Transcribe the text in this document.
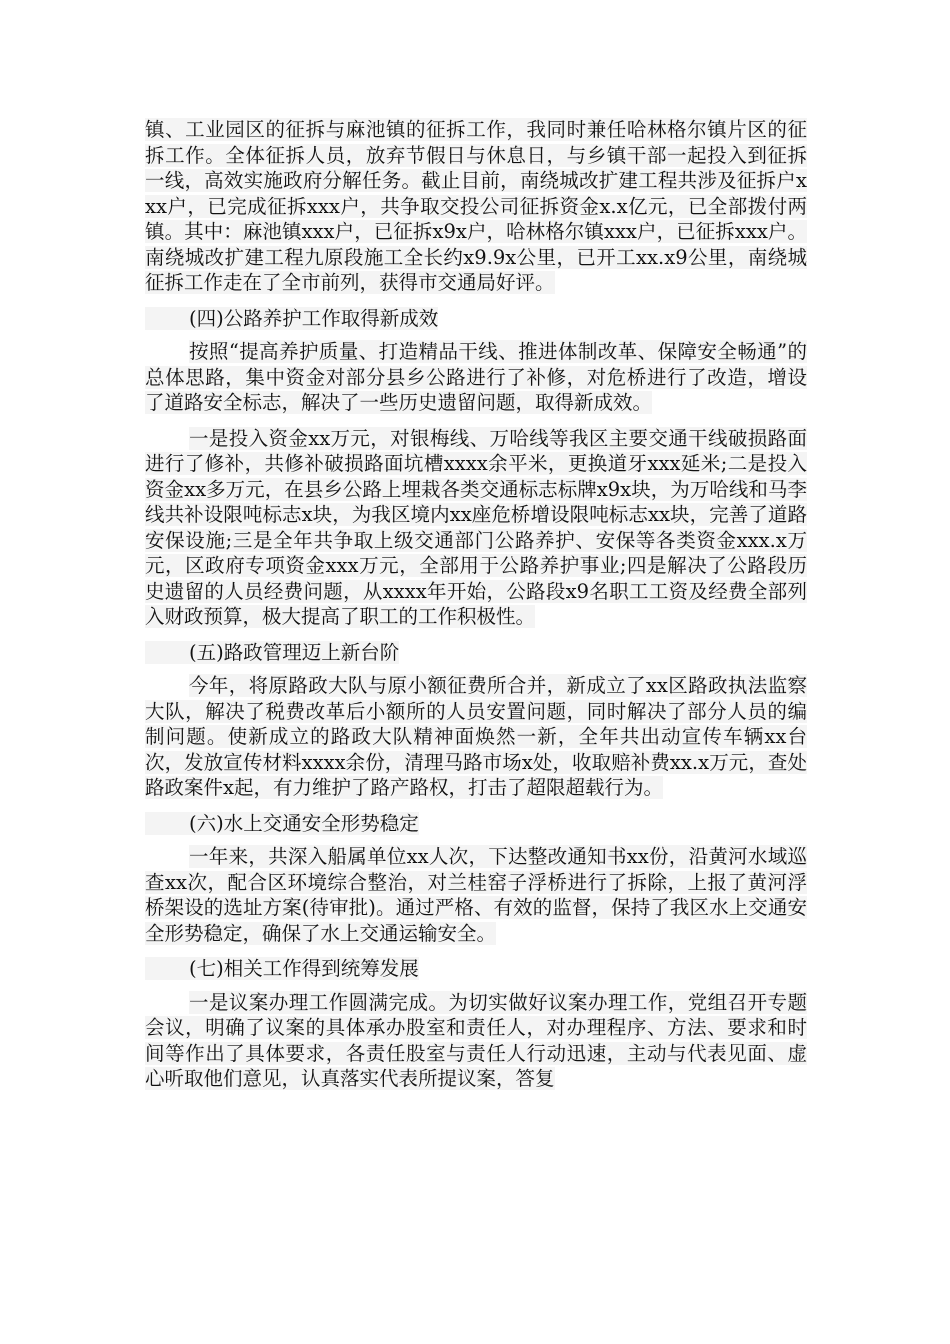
镇、工业园区的征拆与麻池镇的征拆工作，我同时兼任哈林格尔镇片区的征拆工作。全体征拆人员，放弃节假日与休息日，与乡镇干部一起投入到征拆一线，高效实施政府分解任务。截止目前，南绕城改扩建工程共涉及征拆户xxx户，已完成征拆xxx户，共争取交投公司征拆资金x.x亿元，已全部拨付两镇。其中：麻池镇xxx户，已征拆x9x户，哈林格尔镇xxx户，已征拆xxx户。南绕城改扩建工程九原段施工全长约x9.9x公里，已开工xx.x9公里，南绕城征拆工作走在了全市前列，获得市交通局好评。

(四)公路养护工作取得新成效

按照“提高养护质量、打造精品干线、推进体制改革、保障安全畅通”的总体思路，集中资金对部分县乡公路进行了补修，对危桥进行了改造，增设了道路安全标志，解决了一些历史遗留问题，取得新成效。

一是投入资金xx万元，对银梅线、万哈线等我区主要交通干线破损路面进行了修补，共修补破损路面坑槽xxxx余平米，更换道牙xxx延米;二是投入资金xx多万元，在县乡公路上埋栽各类交通标志标牌x9x块，为万哈线和马李线共补设限吨标志x块，为我区境内xx座危桥增设限吨标志xx块，完善了道路安保设施;三是全年共争取上级交通部门公路养护、安保等各类资金xxx.x万元，区政府专项资金xxx万元，全部用于公路养护事业;四是解决了公路段历史遗留的人员经费问题，从xxxx年开始，公路段x9名职工工资及经费全部列入财政预算，极大提高了职工的工作积极性。

(五)路政管理迈上新台阶

今年，将原路政大队与原小额征费所合并，新成立了xx区路政执法监察大队，解决了税费改革后小额所的人员安置问题，同时解决了部分人员的编制问题。使新成立的路政大队精神面焕然一新，全年共出动宣传车辆xx台次，发放宣传材料xxxx余份，清理马路市场x处，收取赔补费xx.x万元，查处路政案件x起，有力维护了路产路权，打击了超限超载行为。

(六)水上交通安全形势稳定

一年来，共深入船属单位xx人次，下达整改通知书xx份，沿黄河水域巡查xx次，配合区环境综合整治，对兰桂窑子浮桥进行了拆除，上报了黄河浮桥架设的选址方案(待审批)。通过严格、有效的监督，保持了我区水上交通安全形势稳定，确保了水上交通运输安全。

(七)相关工作得到统筹发展

一是议案办理工作圆满完成。为切实做好议案办理工作，党组召开专题会议，明确了议案的具体承办股室和责任人，对办理程序、方法、要求和时间等作出了具体要求，各责任股室与责任人行动迅速，主动与代表见面、虚心听取他们意见，认真落实代表所提议案，答复
